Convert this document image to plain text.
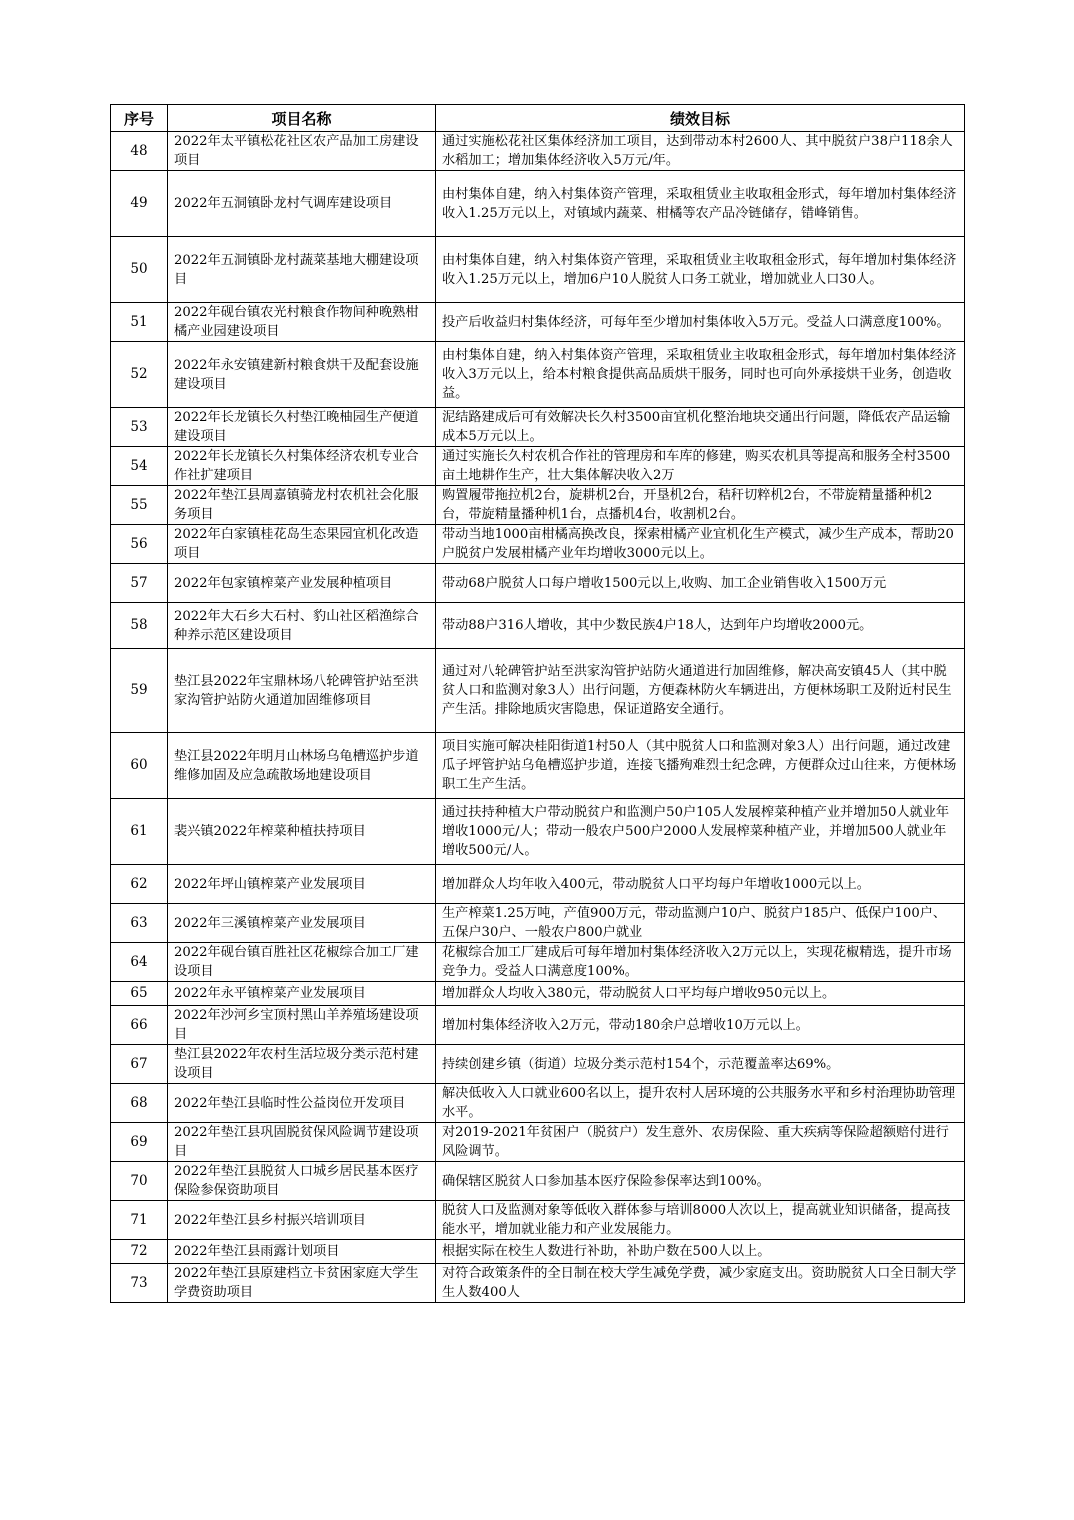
序号	项目名称	绩效目标
48	2022年太平镇松花社区农产品加工房建设项目	通过实施松花社区集体经济加工项目，达到带动本村2600人、其中脱贫户38户118余人水稻加工；增加集体经济收入5万元/年。
49	2022年五洞镇卧龙村气调库建设项目	由村集体自建，纳入村集体资产管理，采取租赁业主收取租金形式，每年增加村集体经济收入1.25万元以上，对镇域内蔬菜、柑橘等农产品冷链储存，错峰销售。
50	2022年五洞镇卧龙村蔬菜基地大棚建设项目	由村集体自建，纳入村集体资产管理，采取租赁业主收取租金形式，每年增加村集体经济收入1.25万元以上，增加6户10人脱贫人口务工就业，增加就业人口30人。
51	2022年砚台镇农光村粮食作物间种晚熟柑橘产业园建设项目	投产后收益归村集体经济，可每年至少增加村集体收入5万元。受益人口满意度100%。
52	2022年永安镇建新村粮食烘干及配套设施建设项目	由村集体自建，纳入村集体资产管理，采取租赁业主收取租金形式，每年增加村集体经济收入3万元以上，给本村粮食提供高品质烘干服务，同时也可向外承接烘干业务，创造收益。
53	2022年长龙镇长久村垫江晚柚园生产便道建设项目	泥结路建成后可有效解决长久村3500亩宜机化整治地块交通出行问题，降低农产品运输成本5万元以上。
54	2022年长龙镇长久村集体经济农机专业合作社扩建项目	通过实施长久村农机合作社的管理房和车库的修建，购买农机具等提高和服务全村3500亩土地耕作生产，壮大集体解决收入2万
55	2022年垫江县周嘉镇骑龙村农机社会化服务项目	购置履带拖拉机2台，旋耕机2台，开垦机2台，秸秆切粹机2台，不带旋精量播种机2台，带旋精量播种机1台，点播机4台，收割机2台。
56	2022年白家镇桂花岛生态果园宜机化改造项目	带动当地1000亩柑橘高换改良，探索柑橘产业宜机化生产模式，减少生产成本，帮助20户脱贫户发展柑橘产业年均增收3000元以上。
57	2022年包家镇榨菜产业发展种植项目	带动68户脱贫人口每户增收1500元以上,收购、加工企业销售收入1500万元
58	2022年大石乡大石村、豹山社区稻渔综合种养示范区建设项目	带动88户316人增收，其中少数民族4户18人，达到年户均增收2000元。
59	垫江县2022年宝鼎林场八轮碑管护站至洪家沟管护站防火通道加固维修项目	通过对八轮碑管护站至洪家沟管护站防火通道进行加固维修，解决高安镇45人（其中脱贫人口和监测对象3人）出行问题，方便森林防火车辆进出，方便林场职工及附近村民生产生活。排除地质灾害隐患，保证道路安全通行。
60	垫江县2022年明月山林场乌龟槽巡护步道维修加固及应急疏散场地建设项目	项目实施可解决桂阳街道1村50人（其中脱贫人口和监测对象3人）出行问题，通过改建瓜子坪管护站乌龟槽巡护步道，连接飞播殉难烈士纪念碑，方便群众过山往来，方便林场职工生产生活。
61	裴兴镇2022年榨菜种植扶持项目	通过扶持种植大户带动脱贫户和监测户50户105人发展榨菜种植产业并增加50人就业年增收1000元/人；带动一般农户500户2000人发展榨菜种植产业，并增加500人就业年增收500元/人。
62	2022年坪山镇榨菜产业发展项目	增加群众人均年收入400元，带动脱贫人口平均每户年增收1000元以上。
63	2022年三溪镇榨菜产业发展项目	生产榨菜1.25万吨，产值900万元，带动监测户10户、脱贫户185户、低保户100户、五保户30户、一般农户800户就业
64	2022年砚台镇百胜社区花椒综合加工厂建设项目	花椒综合加工厂建成后可每年增加村集体经济收入2万元以上，实现花椒精选，提升市场竞争力。受益人口满意度100%。
65	2022年永平镇榨菜产业发展项目	增加群众人均收入380元，带动脱贫人口平均每户增收950元以上。
66	2022年沙河乡宝顶村黑山羊养殖场建设项目	增加村集体经济收入2万元，带动180余户总增收10万元以上。
67	垫江县2022年农村生活垃圾分类示范村建设项目	持续创建乡镇（街道）垃圾分类示范村154个，示范覆盖率达69%。
68	2022年垫江县临时性公益岗位开发项目	解决低收入人口就业600名以上，提升农村人居环境的公共服务水平和乡村治理协助管理水平。
69	2022年垫江县巩固脱贫保风险调节建设项目	对2019-2021年贫困户（脱贫户）发生意外、农房保险、重大疾病等保险超额赔付进行风险调节。
70	2022年垫江县脱贫人口城乡居民基本医疗保险参保资助项目	确保辖区脱贫人口参加基本医疗保险参保率达到100%。
71	2022年垫江县乡村振兴培训项目	脱贫人口及监测对象等低收入群体参与培训8000人次以上，提高就业知识储备，提高技能水平，增加就业能力和产业发展能力。
72	2022年垫江县雨露计划项目	根据实际在校生人数进行补助，补助户数在500人以上。
73	2022年垫江县原建档立卡贫困家庭大学生学费资助项目	对符合政策条件的全日制在校大学生减免学费，减少家庭支出。资助脱贫人口全日制大学生人数400人
